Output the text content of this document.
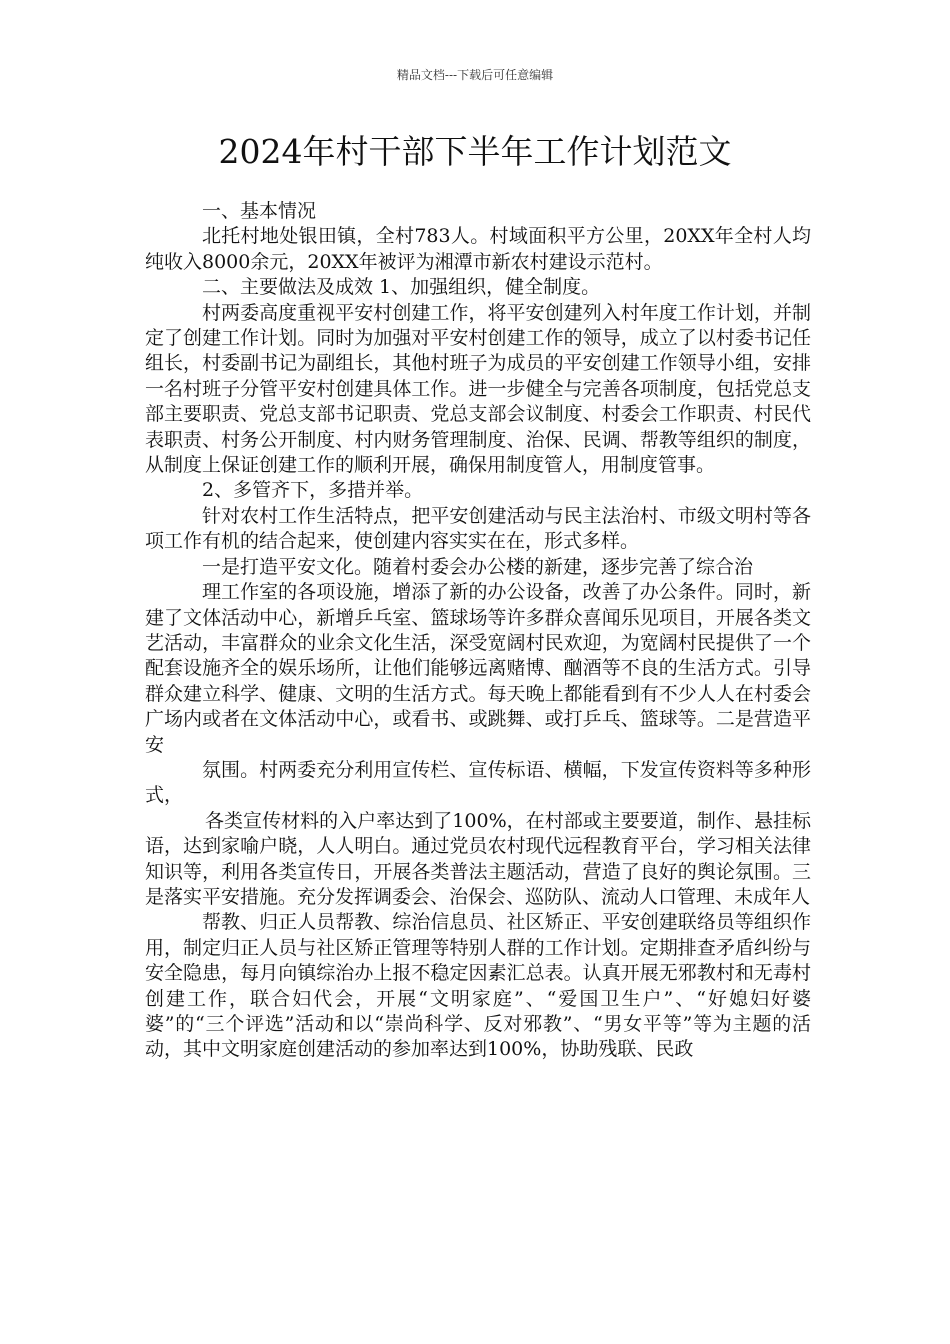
精品文档---下载后可任意编辑
2024年村干部下半年工作计划范文

一、基本情况

北托村地处银田镇，全村783人。村域面积平方公里，20XX年全村人均纯收入8000余元，20XX年被评为湘潭市新农村建设示范村。

二、主要做法及成效 1、加强组织，健全制度。

村两委高度重视平安村创建工作，将平安创建列入村年度工作计划，并制定了创建工作计划。同时为加强对平安村创建工作的领导，成立了以村委书记任组长，村委副书记为副组长，其他村班子为成员的平安创建工作领导小组，安排一名村班子分管平安村创建具体工作。进一步健全与完善各项制度，包括党总支部主要职责、党总支部书记职责、党总支部会议制度、村委会工作职责、村民代表职责、村务公开制度、村内财务管理制度、治保、民调、帮教等组织的制度，从制度上保证创建工作的顺利开展，确保用制度管人，用制度管事。

2、多管齐下，多措并举。

针对农村工作生活特点，把平安创建活动与民主法治村、市级文明村等各项工作有机的结合起来，使创建内容实实在在，形式多样。

一是打造平安文化。随着村委会办公楼的新建，逐步完善了综合治

理工作室的各项设施，增添了新的办公设备，改善了办公条件。同时，新建了文体活动中心，新增乒乓室、篮球场等许多群众喜闻乐见项目，开展各类文艺活动，丰富群众的业余文化生活，深受宽阔村民欢迎，为宽阔村民提供了一个配套设施齐全的娱乐场所，让他们能够远离赌博、酗酒等不良的生活方式。引导群众建立科学、健康、文明的生活方式。每天晚上都能看到有不少人人在村委会广场内或者在文体活动中心，或看书、或跳舞、或打乒乓、篮球等。二是营造平安

氛围。村两委充分利用宣传栏、宣传标语、横幅，下发宣传资料等多种形式，

各类宣传材料的入户率达到了100%，在村部或主要要道，制作、悬挂标语，达到家喻户晓，人人明白。通过党员农村现代远程教育平台，学习相关法律知识等，利用各类宣传日，开展各类普法主题活动，营造了良好的舆论氛围。三是落实平安措施。充分发挥调委会、治保会、巡防队、流动人口管理、未成年人

帮教、归正人员帮教、综治信息员、社区矫正、平安创建联络员等组织作用，制定归正人员与社区矫正管理等特别人群的工作计划。定期排查矛盾纠纷与安全隐患，每月向镇综治办上报不稳定因素汇总表。认真开展无邪教村和无毒村创建工作，联合妇代会，开展“文明家庭”、“爱国卫生户”、“好媳妇好婆婆”的“三个评选”活动和以“崇尚科学、反对邪教”、“男女平等”等为主题的活动，其中文明家庭创建活动的参加率达到100%，协助残联、民政
